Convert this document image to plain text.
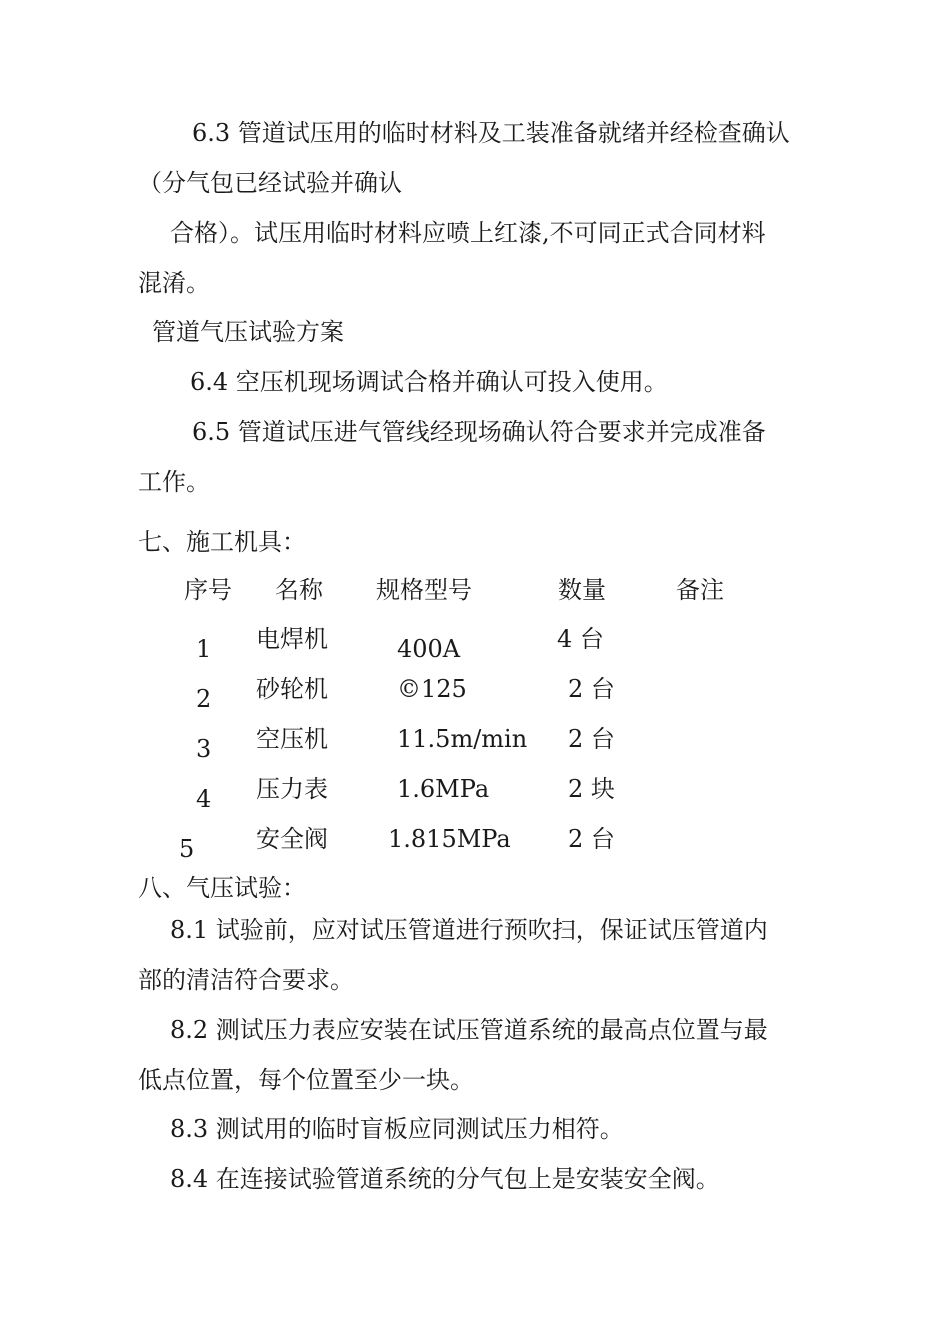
6.3 管道试压用的临时材料及工装准备就绪并经检查确认
（分气包已经试验并确认
合格）。试压用临时材料应喷上红漆,不可同正式合同材料
混淆。
管道气压试验方案
6.4 空压机现场调试合格并确认可投入使用。
6.5 管道试压进气管线经现场确认符合要求并完成准备
工作。
七、施工机具：
序号 名称 规格型号	数量	备注
1 电焊机	400A	4 台
2 砂轮机	©125	2 台
3 空压机	11.5m/min 2 台
4 压力表	1.6MPa	2 块
5	安全阀	1.815MPa 2 台
八、气压试验：
8.1 试验前，应对试压管道进行预吹扫，保证试压管道内
部的清洁符合要求。
8.2 测试压力表应安装在试压管道系统的最高点位置与最
低点位置，每个位置至少一块。
8.3 测试用的临时盲板应同测试压力相符。
8.4 在连接试验管道系统的分气包上是安装安全阀。
